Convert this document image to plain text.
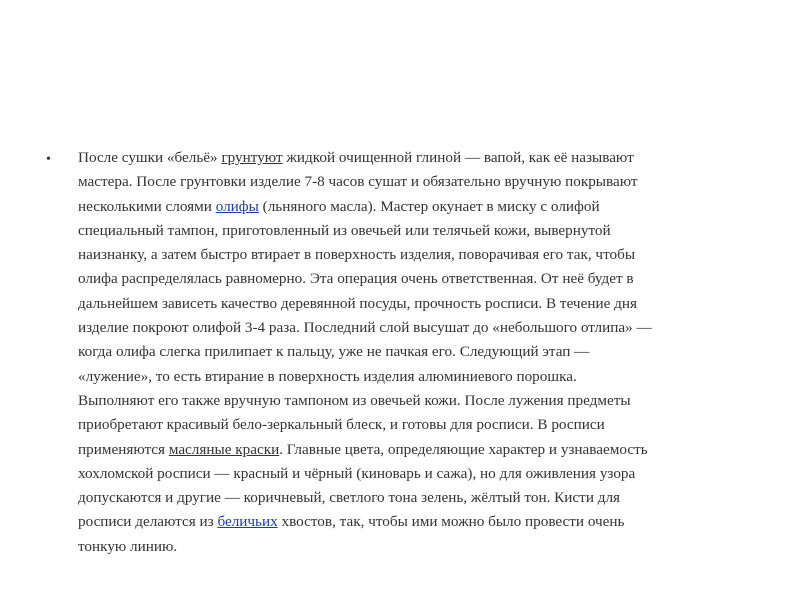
• После сушки «бельё» грунтуют жидкой очищенной глиной — вапой, как её называют
мастера. После грунтовки изделие 7-8 часов сушат и обязательно вручную покрывают
несколькими слоями олифы (льняного масла). Мастер окунает в миску с олифой
специальный тампон, приготовленный из овечьей или телячьей кожи, вывернутой
наизнанку, а затем быстро втирает в поверхность изделия, поворачивая его так, чтобы
олифа распределялась равномерно. Эта операция очень ответственная. От неё будет в
дальнейшем зависеть качество деревянной посуды, прочность росписи. В течение дня
изделие покроют олифой 3-4 раза. Последний слой высушат до «небольшого отлипа» —
когда олифа слегка прилипает к пальцу, уже не пачкая его. Следующий этап —
«лужение», то есть втирание в поверхность изделия алюминиевого порошка.
Выполняют его также вручную тампоном из овечьей кожи. После лужения предметы
приобретают красивый бело-зеркальный блеск, и готовы для росписи. В росписи
применяются масляные краски. Главные цвета, определяющие характер и узнаваемость
хохломской росписи — красный и чёрный (киноварь и сажа), но для оживления узора
допускаются и другие — коричневый, светлого тона зелень, жёлтый тон. Кисти для
росписи делаются из беличьих хвостов, так, чтобы ими можно было провести очень
тонкую линию.
